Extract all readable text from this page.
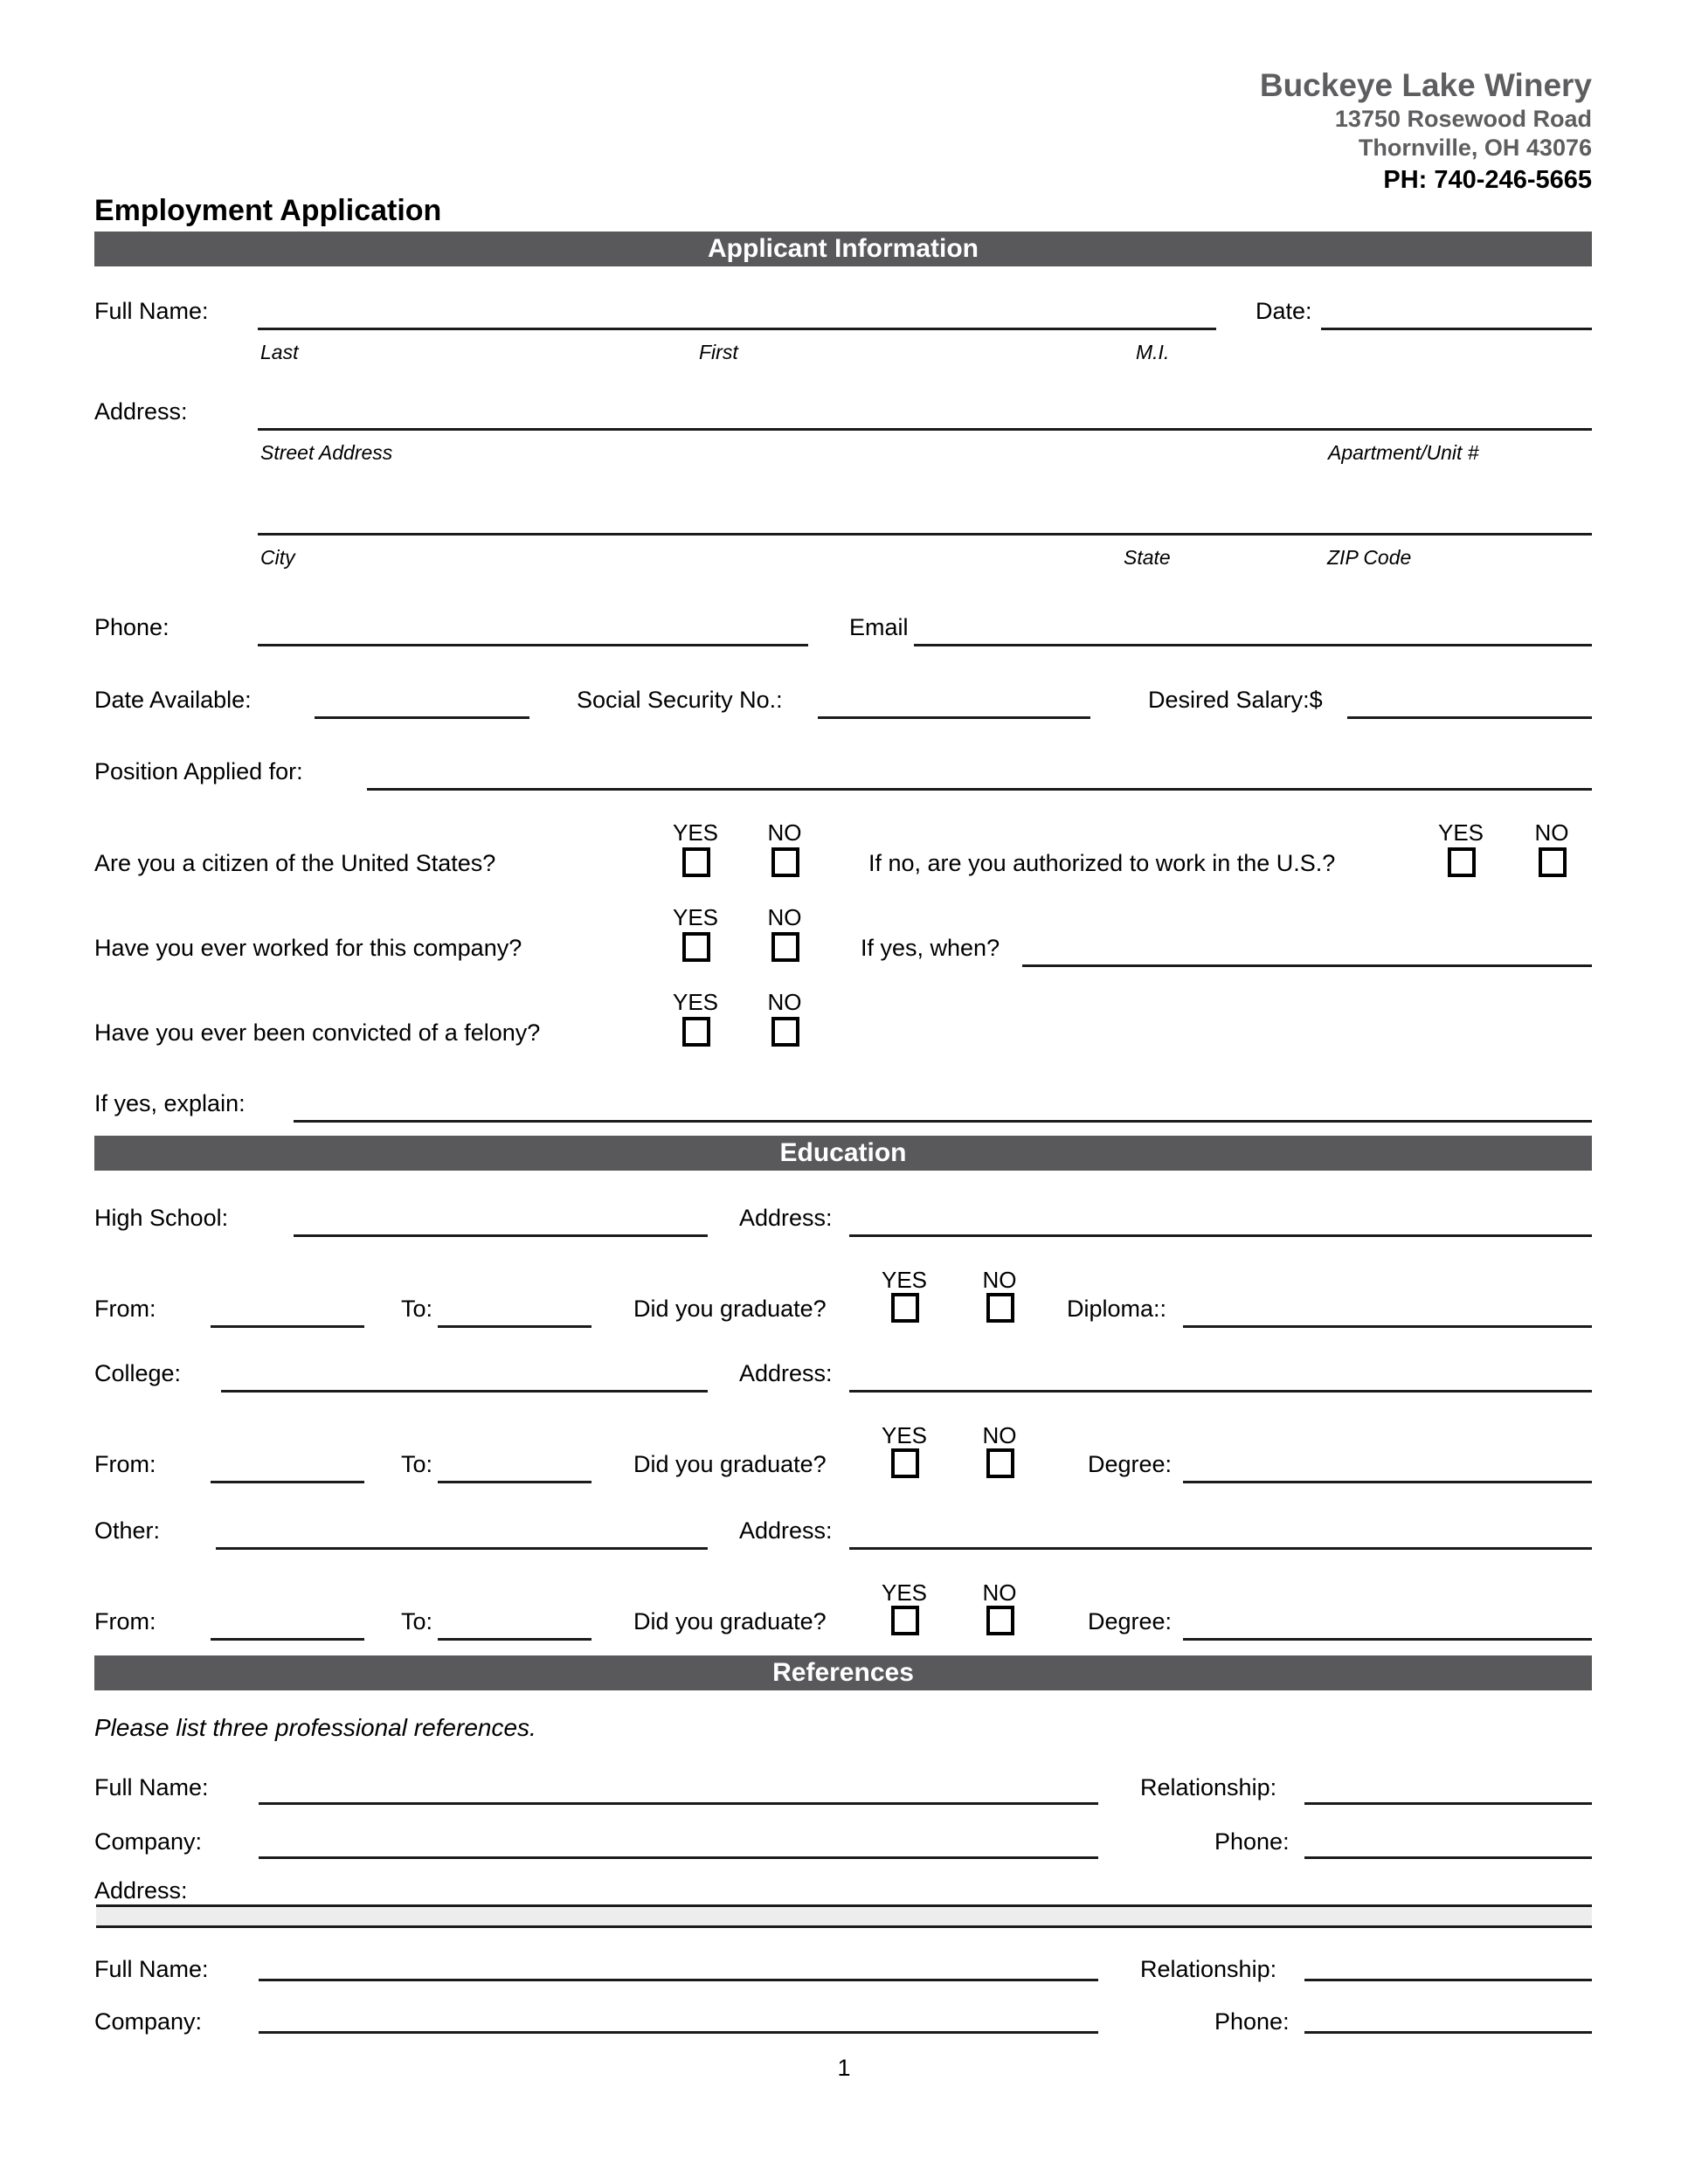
Buckeye Lake Winery
13750 Rosewood Road
Thornville, OH 43076
PH: 740-246-5665
Employment Application
Applicant Information
Full Name:	Date:
Last	First	M.I.
Address:
Street Address	Apartment/Unit #
City	State	ZIP Code
Phone:	Email
Date Available:	Social Security No.:	Desired Salary:$
Position Applied for:
YES	NO	YES	NO
Are you a citizen of the United States?	If no, are you authorized to work in the U.S.?
YES	NO
Have you ever worked for this company?	If yes, when?
YES	NO
Have you ever been convicted of a felony?
If yes, explain:
Education
High School:	Address:
YES	NO
From:	To:	Did you graduate?	Diploma::
College:	Address:
YES	NO
From:	To:	Did you graduate?	Degree:
Other:	Address:
YES	NO
From:	To:	Did you graduate?	Degree:
References
Please list three professional references.
Full Name:	Relationship:
Company:	Phone:
Address:
Full Name:	Relationship:
Company:	Phone:
1
